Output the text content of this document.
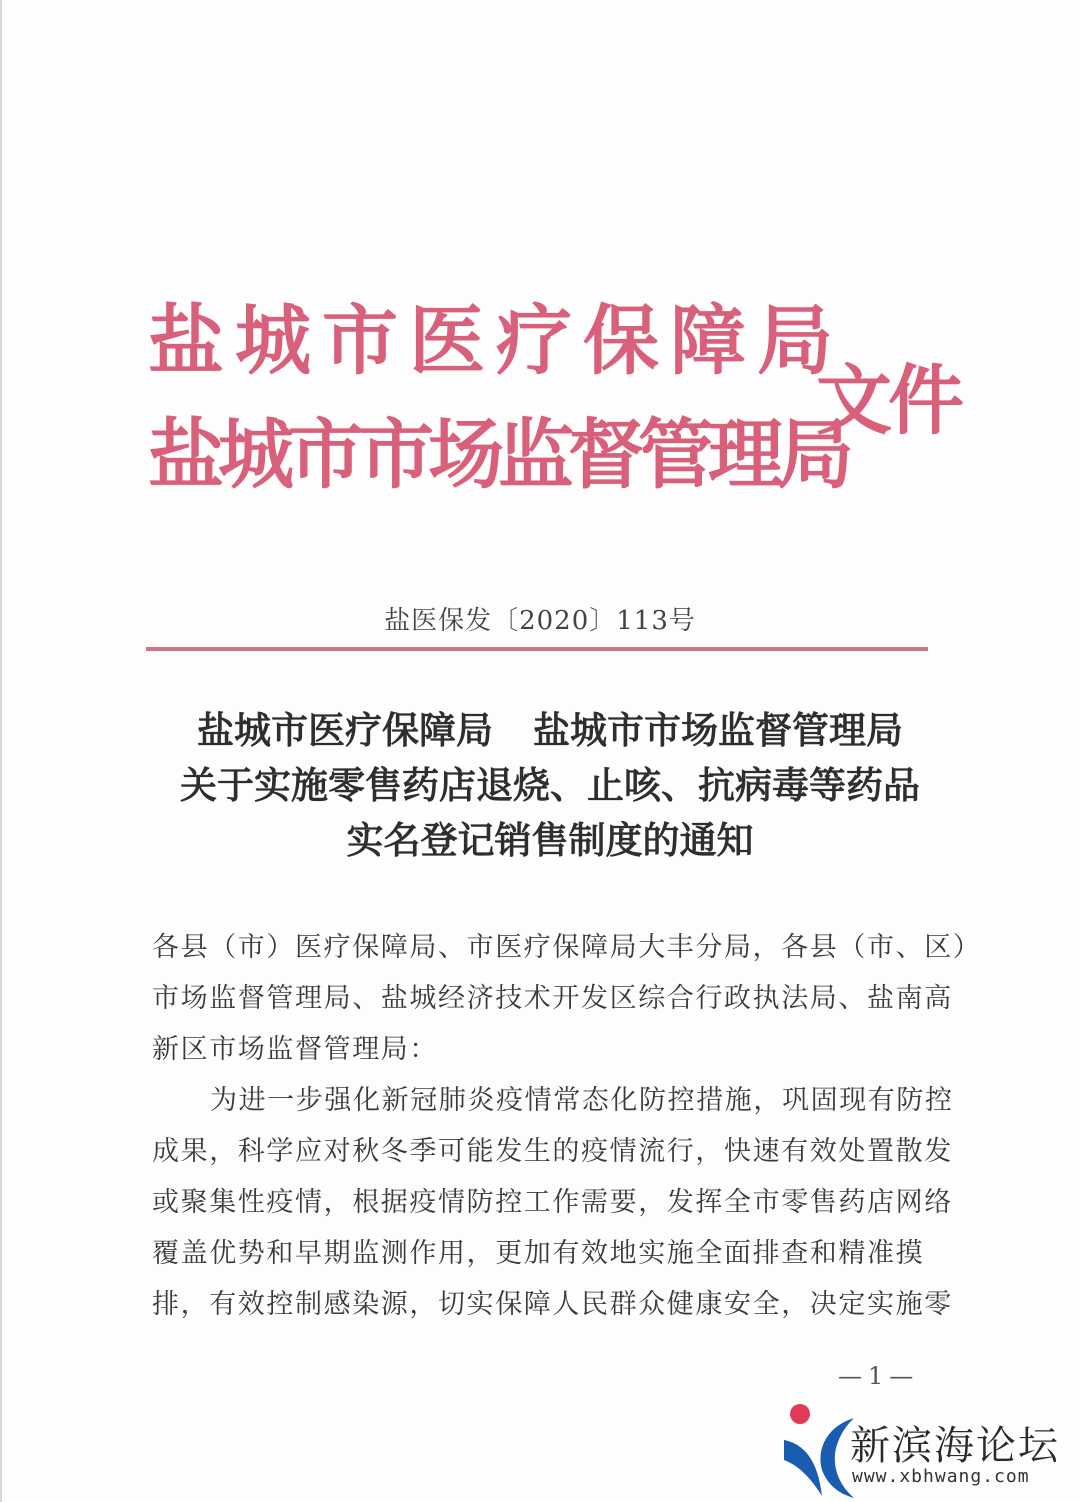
盐城市医疗保障局
盐城市市场监督管理局
文件
盐医保发〔2020〕113号
盐城市医疗保障局 盐城市市场监督管理局
关于实施零售药店退烧、止咳、抗病毒等药品
实名登记销售制度的通知

各县（市）医疗保障局、市医疗保障局大丰分局，各县（市、区）
市场监督管理局、盐城经济技术开发区综合行政执法局、盐南高
新区市场监督管理局：

为进一步强化新冠肺炎疫情常态化防控措施，巩固现有防控
成果，科学应对秋冬季可能发生的疫情流行，快速有效处置散发
或聚集性疫情，根据疫情防控工作需要，发挥全市零售药店网络
覆盖优势和早期监测作用，更加有效地实施全面排查和精准摸
排，有效控制感染源，切实保障人民群众健康安全，决定实施零

—1—
新滨海论坛
www.xbhwang.com
